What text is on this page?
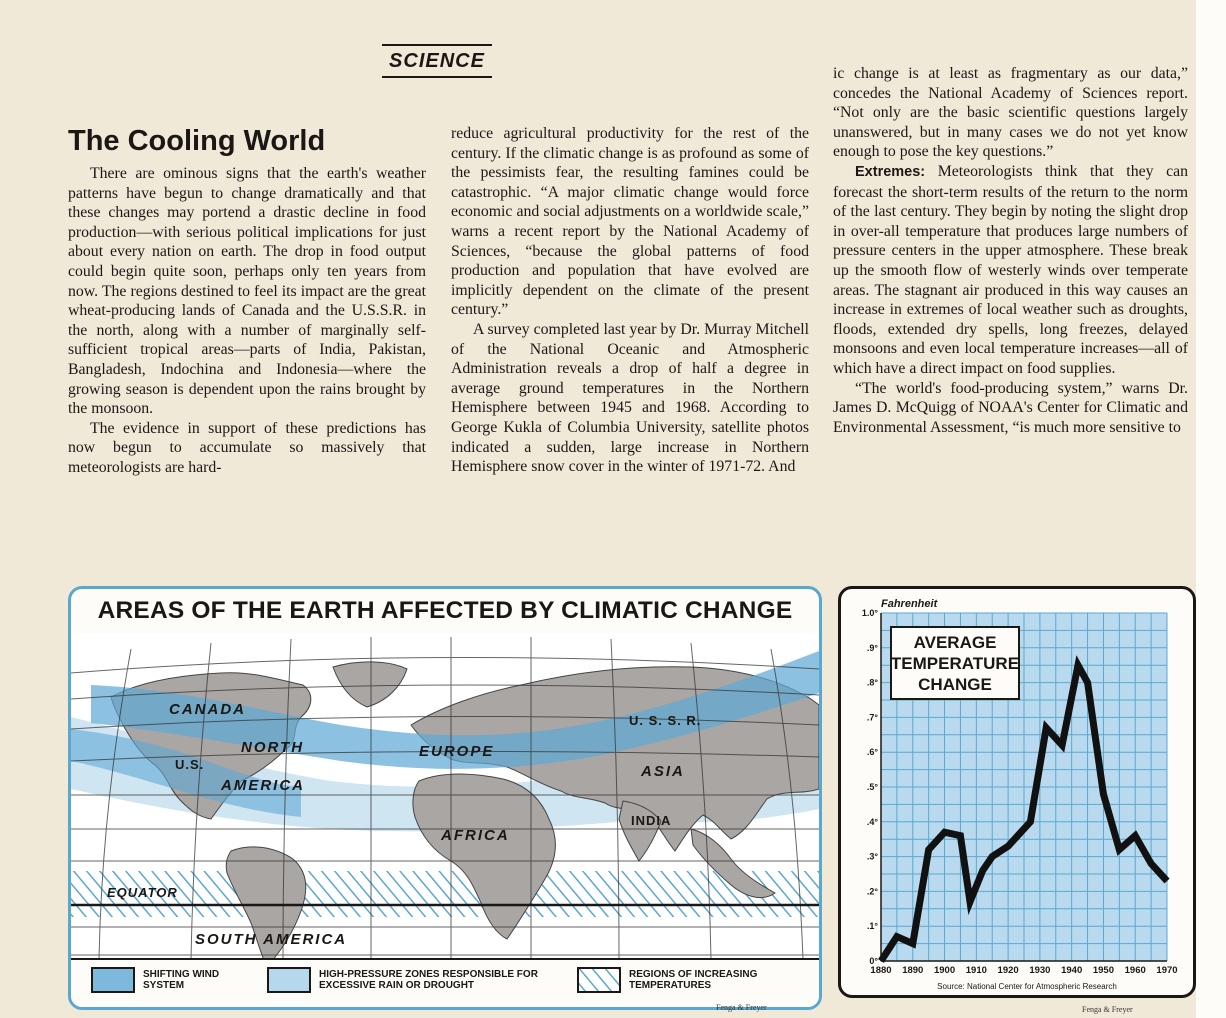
SCIENCE
The Cooling World

There are ominous signs that the earth's weather patterns have begun to change dramatically and that these changes may portend a drastic decline in food production—with serious political implications for just about every nation on earth. The drop in food output could begin quite soon, perhaps only ten years from now. The regions destined to feel its impact are the great wheat-producing lands of Canada and the U.S.S.R. in the north, along with a number of marginally self-sufficient tropical areas—parts of India, Pakistan, Bangladesh, Indochina and Indonesia—where the growing season is dependent upon the rains brought by the monsoon.

The evidence in support of these predictions has now begun to accumulate so massively that meteorologists are hard-

reduce agricultural productivity for the rest of the century. If the climatic change is as profound as some of the pessimists fear, the resulting famines could be catastrophic. “A major climatic change would force economic and social adjustments on a worldwide scale,” warns a recent report by the National Academy of Sciences, “because the global patterns of food production and population that have evolved are implicitly dependent on the climate of the present century.”

A survey completed last year by Dr. Murray Mitchell of the National Oceanic and Atmospheric Administration reveals a drop of half a degree in average ground temperatures in the Northern Hemisphere between 1945 and 1968. According to George Kukla of Columbia University, satellite photos indicated a sudden, large increase in Northern Hemisphere snow cover in the winter of 1971-72. And

ic change is at least as fragmentary as our data,” concedes the National Academy of Sciences report. “Not only are the basic scientific questions largely unanswered, but in many cases we do not yet know enough to pose the key questions.”

Extremes: Meteorologists think that they can forecast the short-term results of the return to the norm of the last century. They begin by noting the slight drop in over-all temperature that produces large numbers of pressure centers in the upper atmosphere. These break up the smooth flow of westerly winds over temperate areas. The stagnant air produced in this way causes an increase in extremes of local weather such as droughts, floods, extended dry spells, long freezes, delayed monsoons and even local temperature increases—all of which have a direct impact on food supplies.

“The world's food-producing system,” warns Dr. James D. McQuigg of NOAA's Center for Climatic and Environmental Assessment, “is much more sensitive to

AREAS OF THE EARTH AFFECTED BY CLIMATIC CHANGE
CANADA
NORTH
U.S.
AMERICA
EUROPE
U. S. S. R.
ASIA
INDIA
AFRICA
EQUATOR
SOUTH AMERICA
SHIFTING WIND SYSTEM
HIGH-PRESSURE ZONES RESPONSIBLE FOR EXCESSIVE RAIN OR DROUGHT
REGIONS OF INCREASING TEMPERATURES
Fenga & Freyer
0°
.1°
.2°
.3°
.4°
.5°
.6°
.7°
.8°
.9°
1.0°
1880 1890 1900 1910 1920 1930 1940 1950 1960 1970
Fahrenheit
AVERAGE
TEMPERATURE
CHANGE
Source: National Center for Atmospheric Research
Fenga & Freyer
